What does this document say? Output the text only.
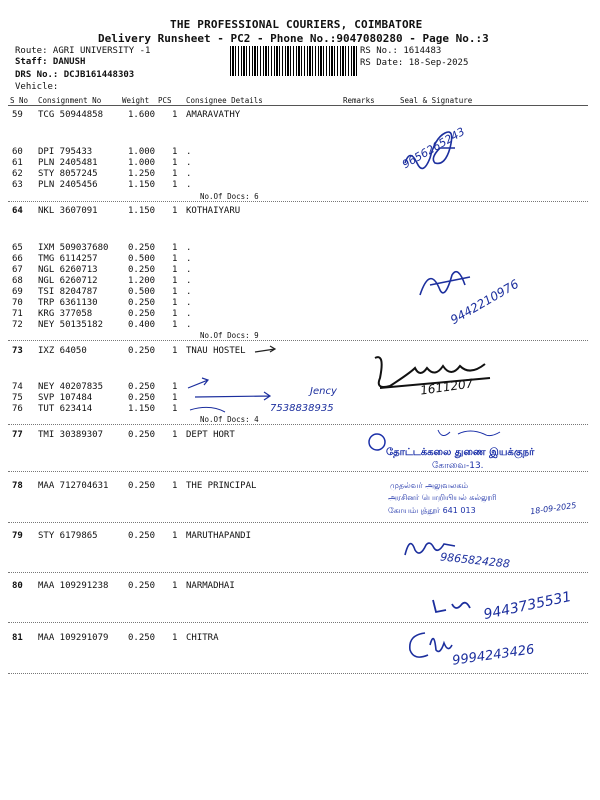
THE PROFESSIONAL COURIERS, COIMBATORE
Delivery Runsheet - PC2 - Phone No.:9047080280 - Page No.:3
Route: AGRI UNIVERSITY -1
Staff: DANUSH
DRS No.: DCJB161448303
Vehicle:
RS No.: 1614483
RS Date: 18-Sep-2025
S No Consignment No	Weight PCS Consignee Details	Remarks	Seal & Signature
59 TCG 50944858	1.600 1 AMARAVATHY
60 DPI 795433	1.000 1 .
61 PLN 2405481	1.000 1 .
62 STY 8057245	1.250 1 .
63 PLN 2405456	1.150 1 .
No.Of Docs: 6
64 NKL 3607091	1.150 1 KOTHAIYARU
65 IXM 509037680 0.250 1 .
66 TMG 6114257	0.500 1 .
67 NGL 6260713	0.250 1 .
68 NGL 6260712	1.200 1 .
69 TSI 8204787	0.500 1 .
70 TRP 6361130	0.250 1 .
71 KRG 377058	0.250 1 .
72 NEY 50135182	0.400 1 .
No.Of Docs: 9
73 IXZ 64050	0.250 1 TNAU HOSTEL
74 NEY 40207835	0.250 1
75 SVP 107484	0.250 1
76 TUT 623414	1.150 1
No.Of Docs: 4
77 TMI 30389307	0.250 1 DEPT HORT
78 MAA 712704631 0.250 1 THE PRINCIPAL
79 STY 6179865	0.250 1 MARUTHAPANDI
80 MAA 109291238 0.250 1 NARMADHAI
81 MAA 109291079 0.250 1 CHITRA
9656265243
9442210976
1611207
Jency
7538838935
தோட்டக்கலை துணை இயக்குநர்
கோவை-13.
முதல்வர் அலுவலகம்
அரசினர் பொறியியல் கல்லூரி
கோயம்புத்தூர் 641 013	18-09-2025
9865824288
9443735531
9994243426
